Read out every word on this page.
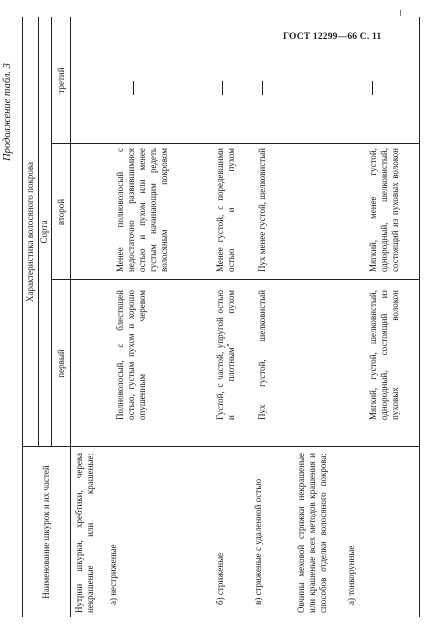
ГОСТ 12299—66 С. 11
Продолжение табл. 3
Наименование шкурок и их частей
Характеристика волосяного покрова Сорта
первый
второй
третий
Нутрии шкурки, хребтики, черева некрашеные или крашеные: а) нестриженые
Полноволосый, с блестящей остью, густым пухом и хорошо опушенным черевом
Менее полноволосый с недостаточно развившимися остью и пухом или менее густым начинающим редеть волосяным покровом
б) стриженые
Густой, с частой, упругой остью и плотным пухом
Менее густой, с поредевшими остью и пухом
в) стриженые с удаленной остью
Пух густой, шелковистый
Пух менее густой, шелковистый
Овчины меховой стрижки некрашеные или крашеные всех методов крашения и способов отделки волосяного покрова: а) тонкорунные
Мягкий, густой, шелковистый, однородный, состоящий из пуховых волокон
Мягкий, менее густой, однородный, шелковистый, состоящий из пуховых волокон
